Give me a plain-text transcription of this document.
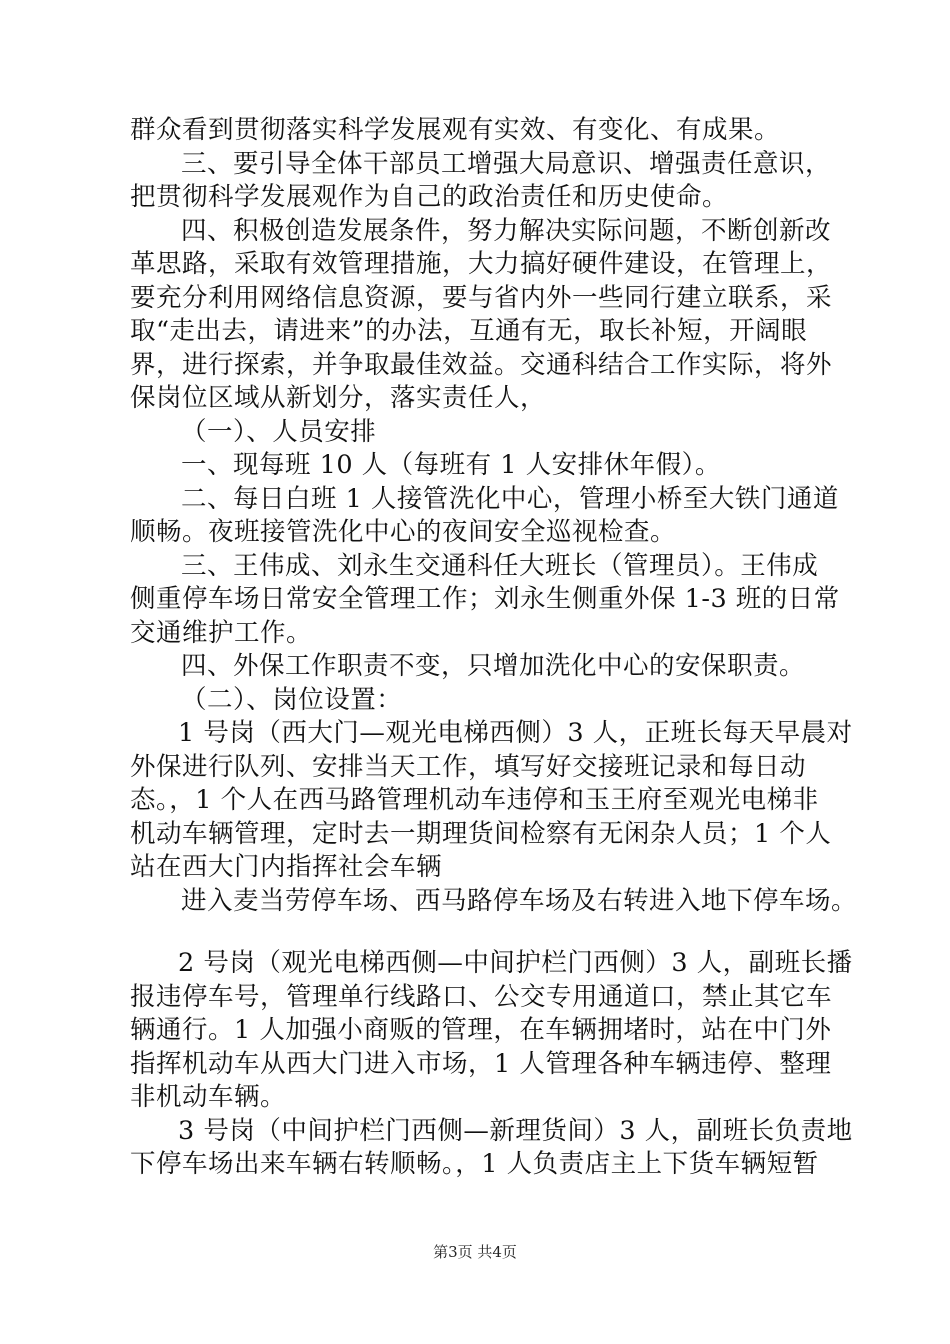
群众看到贯彻落实科学发展观有实效、有变化、有成果。
三、要引导全体干部员工增强大局意识、增强责任意识，
把贯彻科学发展观作为自己的政治责任和历史使命。
四、积极创造发展条件，努力解决实际问题，不断创新改
革思路，采取有效管理措施，大力搞好硬件建设，在管理上，
要充分利用网络信息资源，要与省内外一些同行建立联系，采
取“走出去，请进来”的办法，互通有无，取长补短，开阔眼
界，进行探索，并争取最佳效益。交通科结合工作实际，将外
保岗位区域从新划分，落实责任人，
（一）、人员安排
一、现每班 10 人（每班有 1 人安排休年假）。
二、每日白班 1 人接管洗化中心，管理小桥至大铁门通道
顺畅。夜班接管洗化中心的夜间安全巡视检查。
三、王伟成、刘永生交通科任大班长（管理员）。王伟成
侧重停车场日常安全管理工作；刘永生侧重外保 1-3 班的日常
交通维护工作。
四、外保工作职责不变，只增加洗化中心的安保职责。
（二）、岗位设置：
1 号岗（西大门—观光电梯西侧）3 人，正班长每天早晨对
外保进行队列、安排当天工作，填写好交接班记录和每日动
态。，1 个人在西马路管理机动车违停和玉王府至观光电梯非
机动车辆管理，定时去一期理货间检察有无闲杂人员；1 个人
站在西大门内指挥社会车辆
进入麦当劳停车场、西马路停车场及右转进入地下停车场。
2 号岗（观光电梯西侧—中间护栏门西侧）3 人，副班长播
报违停车号，管理单行线路口、公交专用通道口，禁止其它车
辆通行。1 人加强小商贩的管理，在车辆拥堵时，站在中门外
指挥机动车从西大门进入市场，1 人管理各种车辆违停、整理
非机动车辆。
3 号岗（中间护栏门西侧—新理货间）3 人，副班长负责地
下停车场出来车辆右转顺畅。，1 人负责店主上下货车辆短暂
第3页 共4页
